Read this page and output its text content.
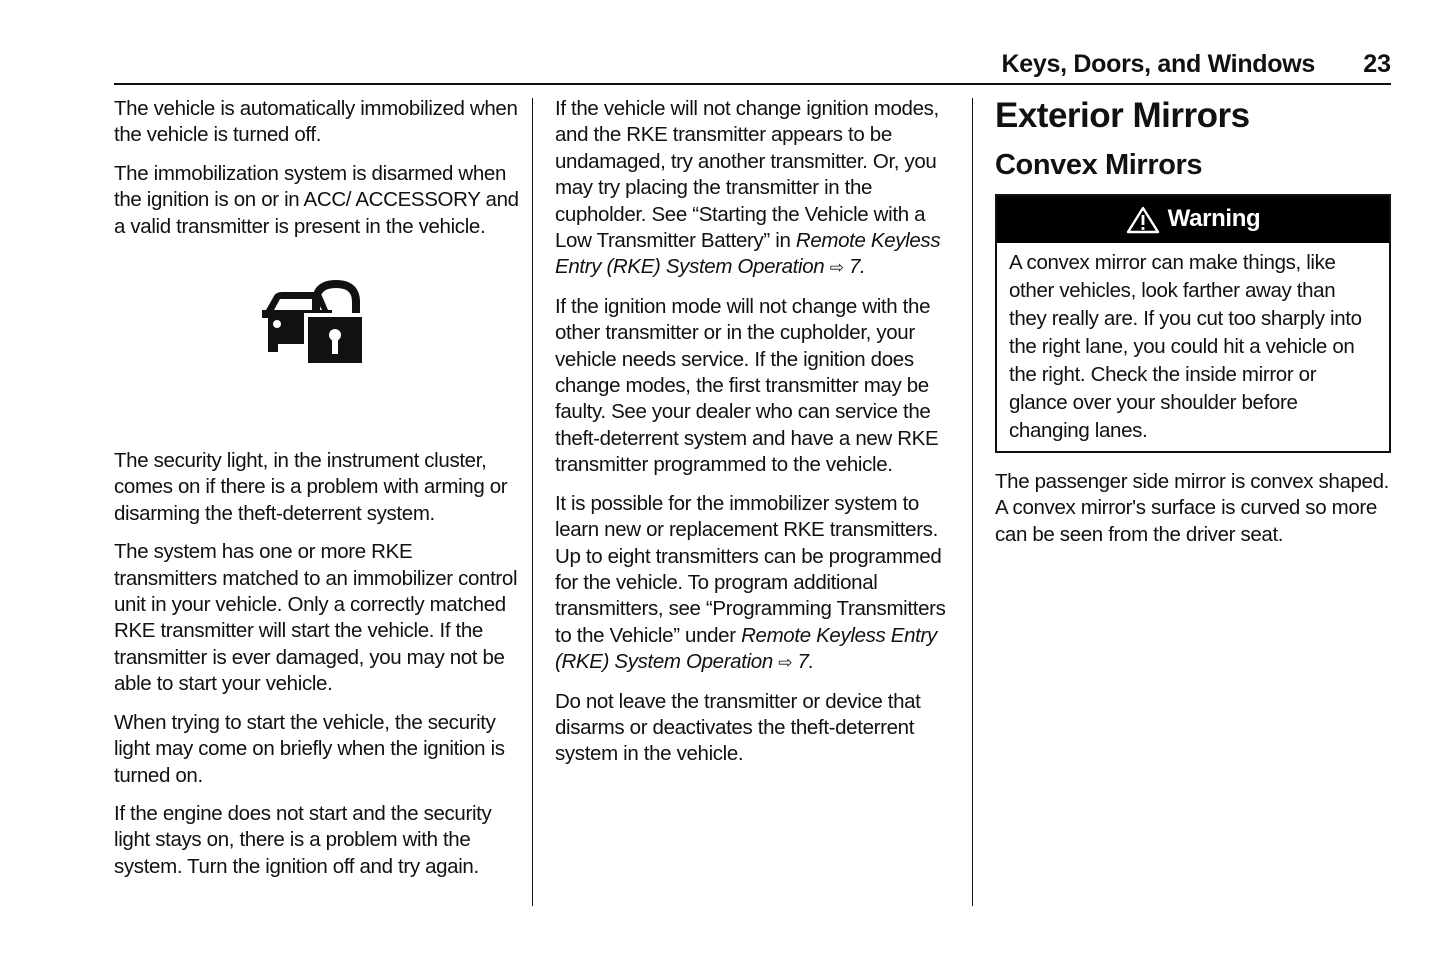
Keys, Doors, and Windows 23

The vehicle is automatically immobilized when the vehicle is turned off.

The immobilization system is disarmed when the ignition is on or in ACC/ ACCESSORY and a valid transmitter is present in the vehicle.

The security light, in the instrument cluster, comes on if there is a problem with arming or disarming the theft-deterrent system.

The system has one or more RKE transmitters matched to an immobilizer control unit in your vehicle. Only a correctly matched RKE transmitter will start the vehicle. If the transmitter is ever damaged, you may not be able to start your vehicle.

When trying to start the vehicle, the security light may come on briefly when the ignition is turned on.

If the engine does not start and the security light stays on, there is a problem with the system. Turn the ignition off and try again.

If the vehicle will not change ignition modes, and the RKE transmitter appears to be undamaged, try another transmitter. Or, you may try placing the transmitter in the cupholder. See “Starting the Vehicle with a Low Transmitter Battery” in Remote Keyless Entry (RKE) System Operation ⇨ 7.

If the ignition mode will not change with the other transmitter or in the cupholder, your vehicle needs service. If the ignition does change modes, the first transmitter may be faulty. See your dealer who can service the theft-deterrent system and have a new RKE transmitter programmed to the vehicle.

It is possible for the immobilizer system to learn new or replacement RKE transmitters. Up to eight transmitters can be programmed for the vehicle. To program additional transmitters, see “Programming Transmitters to the Vehicle” under Remote Keyless Entry (RKE) System Operation ⇨ 7.

Do not leave the transmitter or device that disarms or deactivates the theft-deterrent system in the vehicle.

Exterior Mirrors
Convex Mirrors
Warning
A convex mirror can make things, like other vehicles, look farther away than they really are. If you cut too sharply into the right lane, you could hit a vehicle on the right. Check the inside mirror or glance over your shoulder before changing lanes.

The passenger side mirror is convex shaped. A convex mirror's surface is curved so more can be seen from the driver seat.
